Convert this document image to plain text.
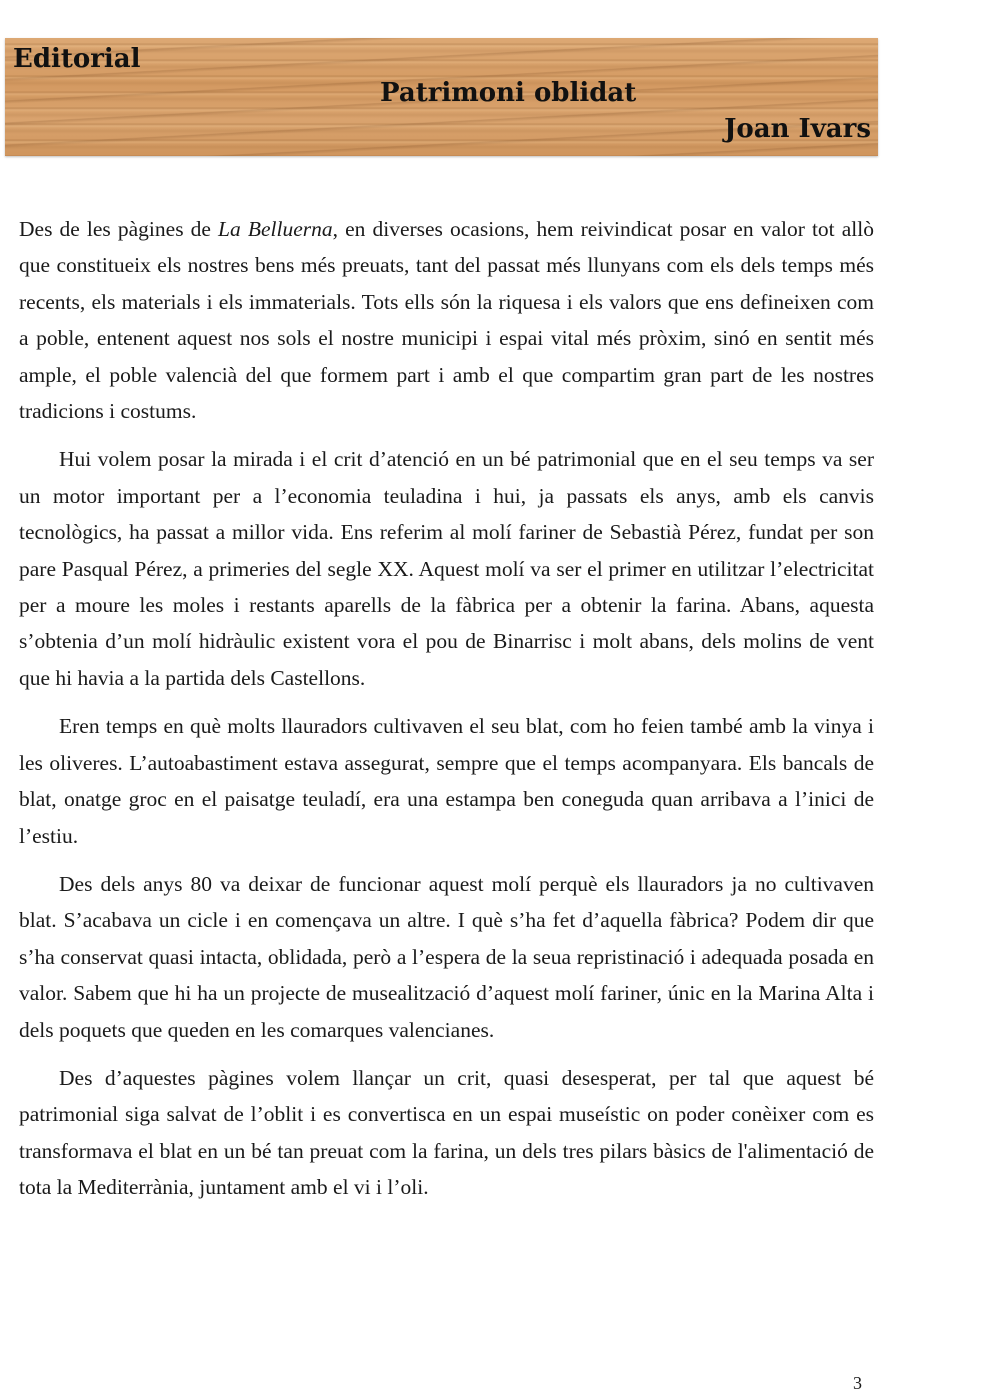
Editorial
Patrimoni oblidat
Joan Ivars

Des de les pàgines de La Belluerna, en diverses ocasions, hem reivindicat posar en valor tot allò que constitueix els nostres bens més preuats, tant del passat més llunyans com els dels temps més recents, els materials i els immaterials. Tots ells són la riquesa i els valors que ens defineixen com a poble, entenent aquest nos sols el nostre municipi i espai vital més pròxim, sinó en sentit més ample, el poble valencià del que formem part i amb el que compartim gran part de les nostres tradicions i costums.

Hui volem posar la mirada i el crit d’atenció en un bé patrimonial que en el seu temps va ser un motor important per a l’economia teuladina i hui, ja passats els anys, amb els canvis tecnològics, ha passat a millor vida. Ens referim al molí fariner de Sebastià Pérez, fundat per son pare Pasqual Pérez, a primeries del segle XX. Aquest molí va ser el primer en utilitzar l’electricitat per a moure les moles i restants aparells de la fàbrica per a obtenir la farina. Abans, aquesta s’obtenia d’un molí hidràulic existent vora el pou de Binarrisc i molt abans, dels molins de vent que hi havia a la partida dels Castellons.

Eren temps en què molts llauradors cultivaven el seu blat, com ho feien també amb la vinya i les oliveres. L’autoabastiment estava assegurat, sempre que el temps acompanyara. Els bancals de blat, onatge groc en el paisatge teuladí, era una estampa ben coneguda quan arribava a l’inici de l’estiu.

Des dels anys 80 va deixar de funcionar aquest molí perquè els llauradors ja no cultivaven blat. S’acabava un cicle i en començava un altre. I què s’ha fet d’aquella fàbrica? Podem dir que s’ha conservat quasi intacta, oblidada, però a l’espera de la seua repristinació i adequada posada en valor. Sabem que hi ha un projecte de musealització d’aquest molí fariner, únic en la Marina Alta i dels poquets que queden en les comarques valencianes.

Des d’aquestes pàgines volem llançar un crit, quasi desesperat, per tal que aquest bé patrimonial siga salvat de l’oblit i es convertisca en un espai museístic on poder conèixer com es transformava el blat en un bé tan preuat com la farina, un dels tres pilars bàsics de l'alimentació de tota la Mediterrània, juntament amb el vi i l’oli.

3
